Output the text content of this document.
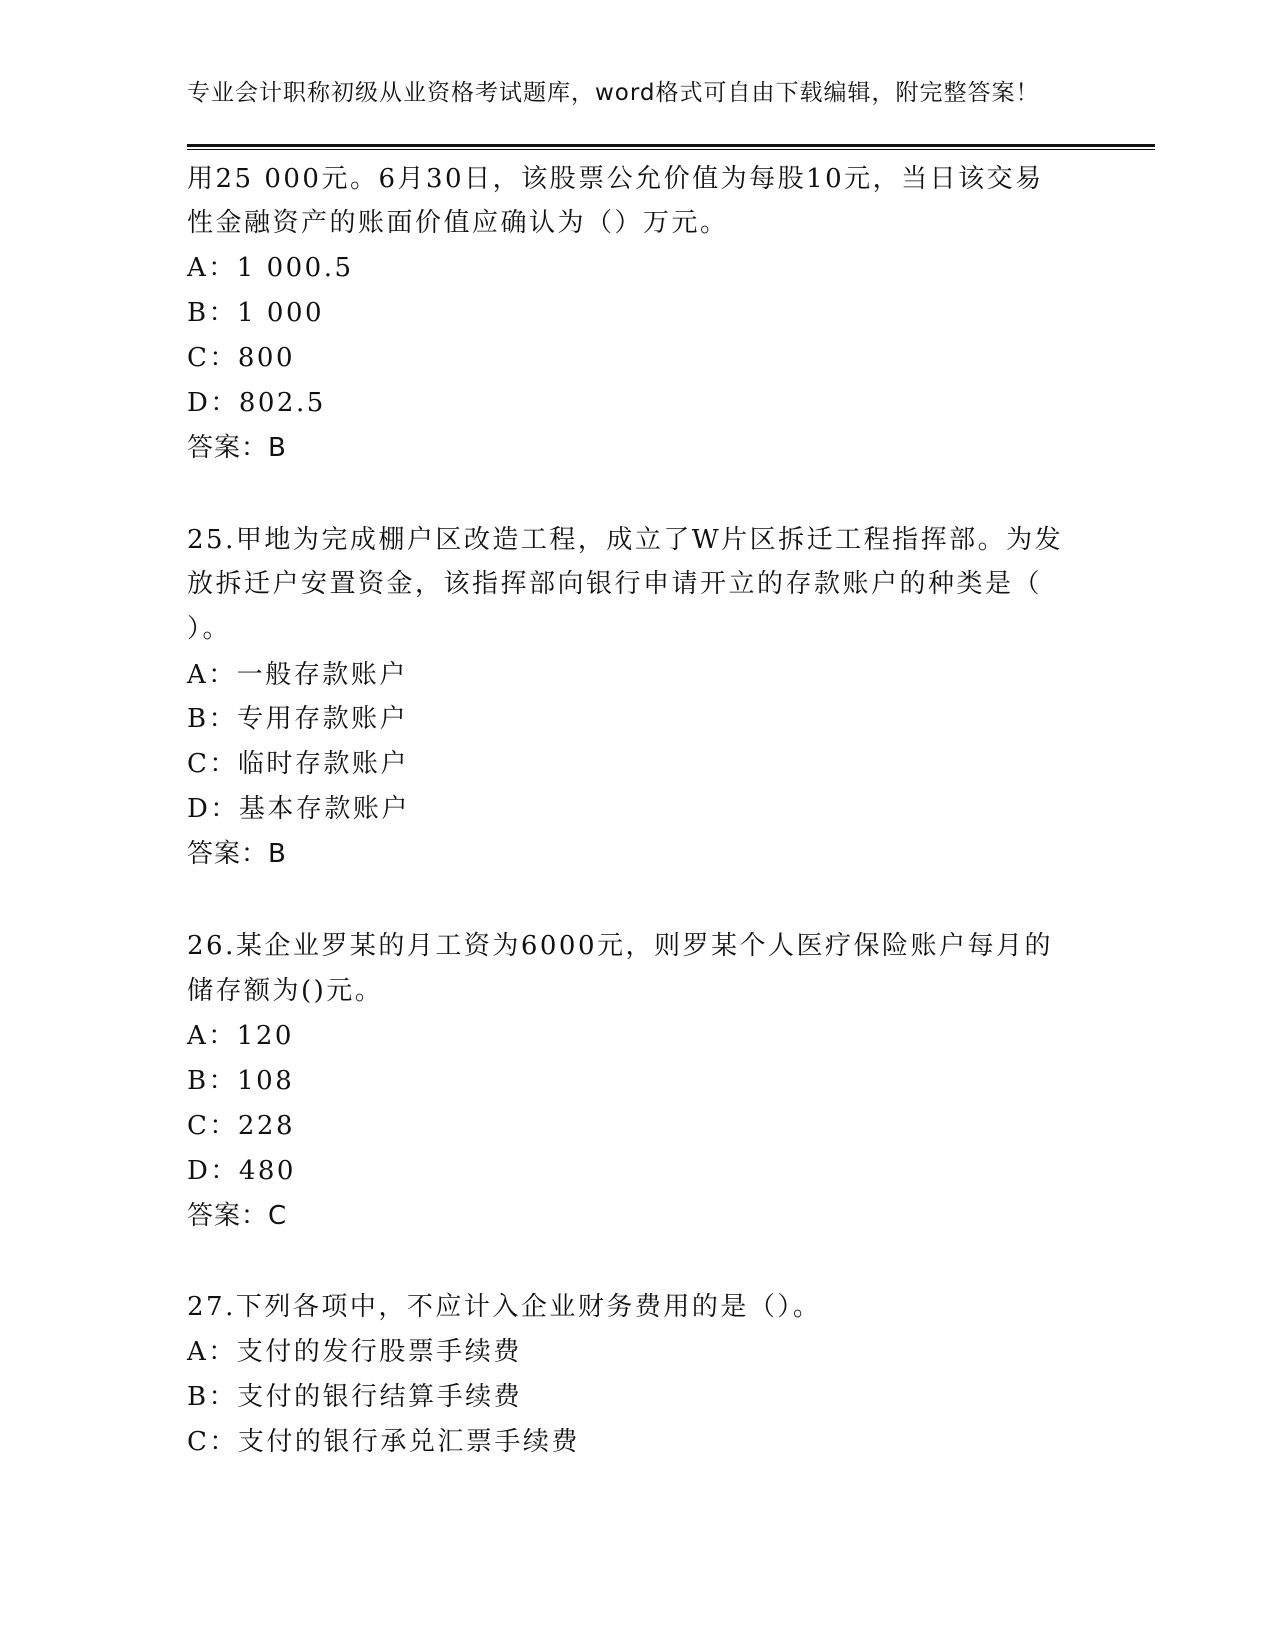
专业会计职称初级从业资格考试题库，word格式可自由下载编辑，附完整答案！
用25 000元。6月30日，该股票公允价值为每股10元，当日该交易
性金融资产的账面价值应确认为（）万元。
A：1 000.5
B：1 000
C：800
D：802.5
答案：B
25.甲地为完成棚户区改造工程，成立了W片区拆迁工程指挥部。为发
放拆迁户安置资金，该指挥部向银行申请开立的存款账户的种类是（
）。
A：一般存款账户
B：专用存款账户
C：临时存款账户
D：基本存款账户
答案：B
26.某企业罗某的月工资为6000元，则罗某个人医疗保险账户每月的
储存额为()元。
A：120
B：108
C：228
D：480
答案：C
27.下列各项中，不应计入企业财务费用的是（）。
A：支付的发行股票手续费
B：支付的银行结算手续费
C：支付的银行承兑汇票手续费
